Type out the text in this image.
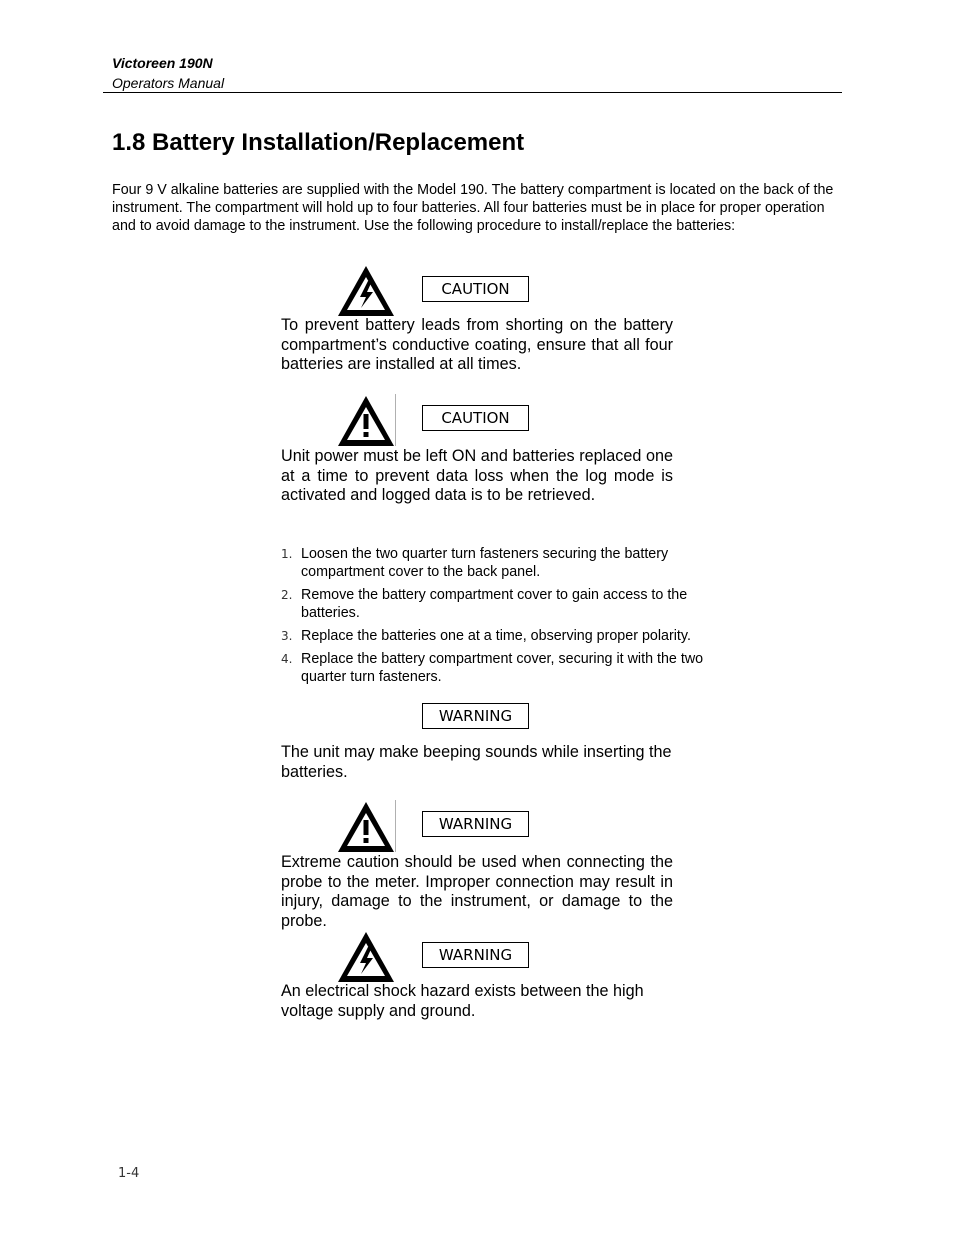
Victoreen 190N
Operators Manual
1.8 Battery Installation/Replacement

Four 9 V alkaline batteries are supplied with the Model 190. The battery compartment is located on the back of the instrument. The compartment will hold up to four batteries. All four batteries must be in place for proper operation and to avoid damage to the instrument. Use the following procedure to install/replace the batteries:

CAUTION

To prevent battery leads from shorting on the battery compartment’s conductive coating, ensure that all four batteries are installed at all times.

CAUTION

Unit power must be left ON and batteries replaced one at a time to prevent data loss when the log mode is activated and logged data is to be retrieved.

1. Loosen the two quarter turn fasteners securing the battery compartment cover to the back panel.
2. Remove the battery compartment cover to gain access to the batteries.
3. Replace the batteries one at a time, observing proper polarity.
4. Replace the battery compartment cover, securing it with the two quarter turn fasteners.
WARNING

The unit may make beeping sounds while inserting the batteries.

WARNING

Extreme caution should be used when connecting the probe to the meter. Improper connection may result in injury, damage to the instrument, or damage to the probe.

WARNING

An electrical shock hazard exists between the high voltage supply and ground.

1-4
